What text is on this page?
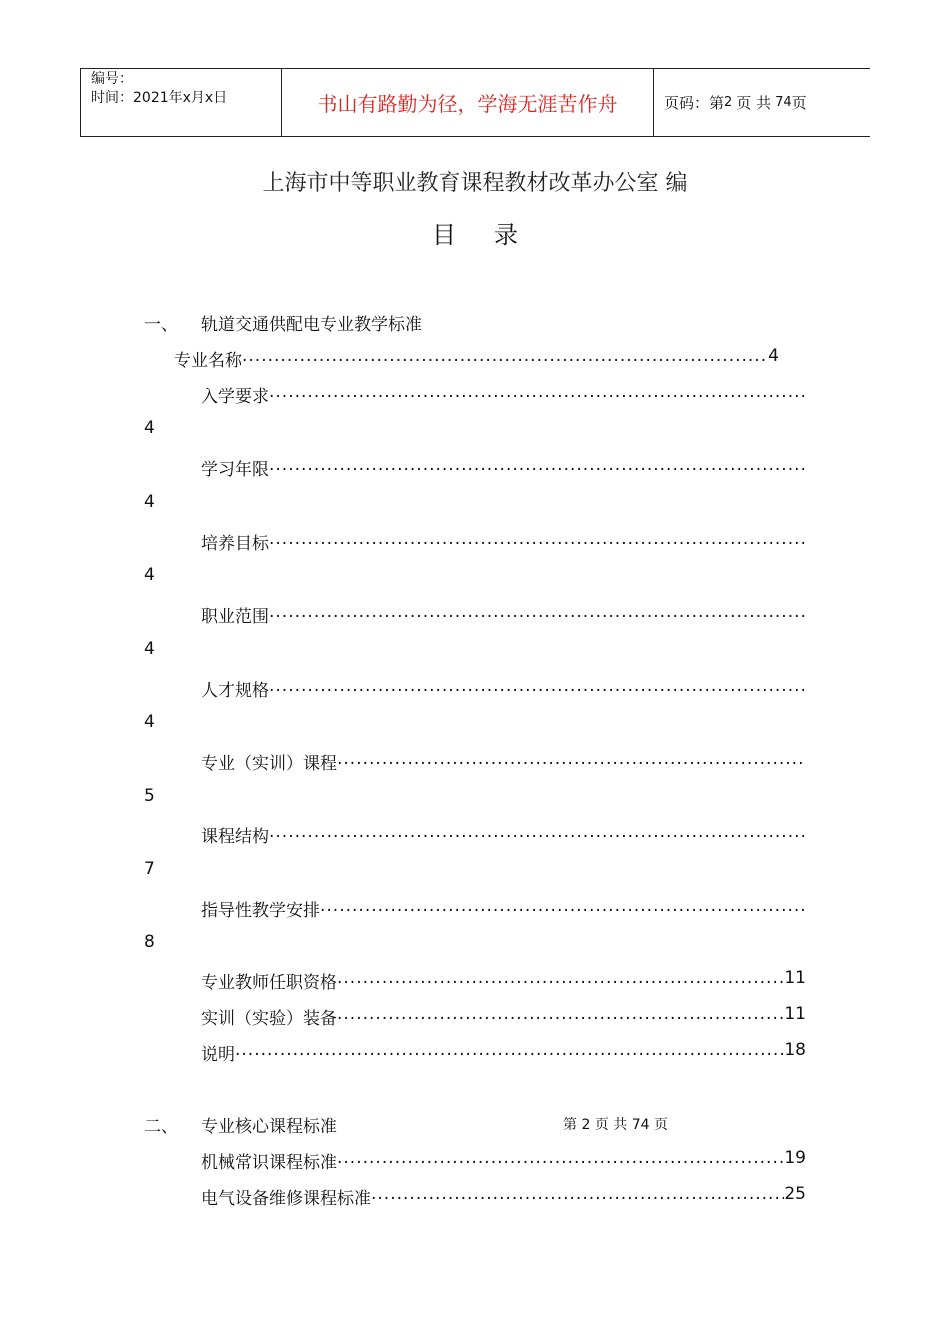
编号：
时间：2021年x月x日	书山有路勤为径，学海无涯苦作舟	页码：第 2 页 共 74 页
上海市中等职业教育课程教材改革办公室 编
目录
一、 轨道交通供配电专业教学标准
专业名称 .....	4
入学要求
.....
4
学习年限
.....
4
培养目标
.....
4
职业范围
.....
4
人才规格
.....
4
专业（实训）课程
.....
5
课程结构
.....
7
指导性教学安排
.....
8
专业教师任职资格 .....	11
实训（实验）装备 .....	11
说明 .....	18
二、 专业核心课程标准	第 2 页 共 74 页
机械常识课程标准 .....	19
电气设备维修课程标准 .....	25
